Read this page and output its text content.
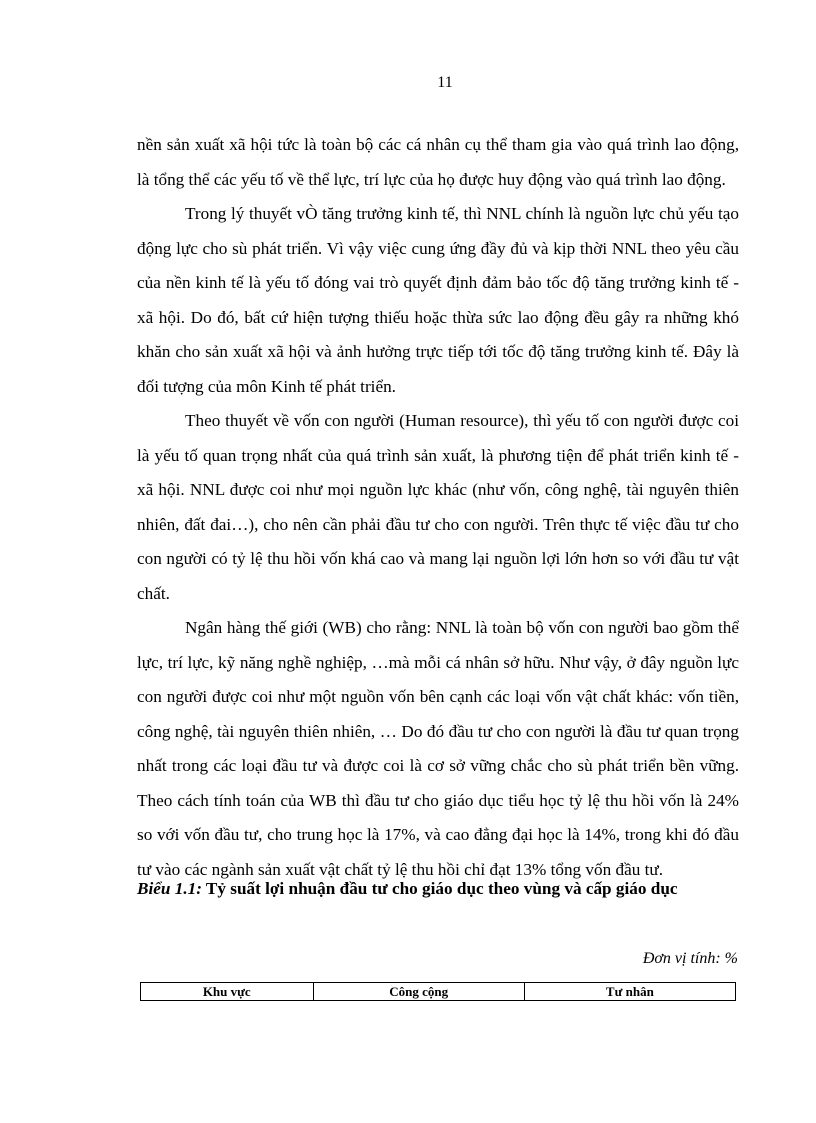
11

nền sản xuất xã hội tức là toàn bộ các cá nhân cụ thể tham gia vào quá trình lao động, là tổng thể các yếu tố về thể lực, trí lực của họ được huy động vào quá trình lao động.

Trong lý thuyết vÒ tăng trưởng kinh tế, thì NNL chính là nguồn lực chủ yếu tạo động lực cho sù phát triển. Vì vậy việc cung ứng đầy đủ và kịp thời NNL theo yêu cầu của nền kinh tế là yếu tố đóng vai trò quyết định đảm bảo tốc độ tăng trưởng kinh tế - xã hội. Do đó, bất cứ hiện tượng thiếu hoặc thừa sức lao động đều gây ra những khó khăn cho sản xuất xã hội và ảnh hưởng trực tiếp tới tốc độ tăng trưởng kinh tế. Đây là đối tượng của môn Kinh tế phát triển.

Theo thuyết về vốn con người (Human resource), thì yếu tố con người được coi là yếu tố quan trọng nhất của quá trình sản xuất, là phương tiện để phát triển kinh tế - xã hội. NNL được coi như mọi nguồn lực khác (như vốn, công nghệ, tài nguyên thiên nhiên, đất đai…), cho nên cần phải đầu tư cho con người. Trên thực tế việc đầu tư cho con người có tỷ lệ thu hồi vốn khá cao và mang lại nguồn lợi lớn hơn so với đầu tư vật chất.

Ngân hàng thế giới (WB) cho rằng: NNL là toàn bộ vốn con người bao gồm thể lực, trí lực, kỹ năng nghề nghiệp, …mà mỗi cá nhân sở hữu. Như vậy, ở đây nguồn lực con người được coi như một nguồn vốn bên cạnh các loại vốn vật chất khác: vốn tiền, công nghệ, tài nguyên thiên nhiên, … Do đó đầu tư cho con người là đầu tư quan trọng nhất trong các loại đầu tư và được coi là cơ sở vững chắc cho sù phát triển bền vững. Theo cách tính toán của WB thì đầu tư cho giáo dục tiểu học tỷ lệ thu hồi vốn là 24% so với vốn đầu tư, cho trung học là 17%, và cao đẳng đại học là 14%, trong khi đó đầu tư vào các ngành sản xuất vật chất tỷ lệ thu hồi chỉ đạt 13% tổng vốn đầu tư.

Biểu 1.1: Tỷ suất lợi nhuận đầu tư cho giáo dục theo vùng và cấp giáo dục
Đơn vị tính: %
Khu vực	Công cộng	Tư nhân
